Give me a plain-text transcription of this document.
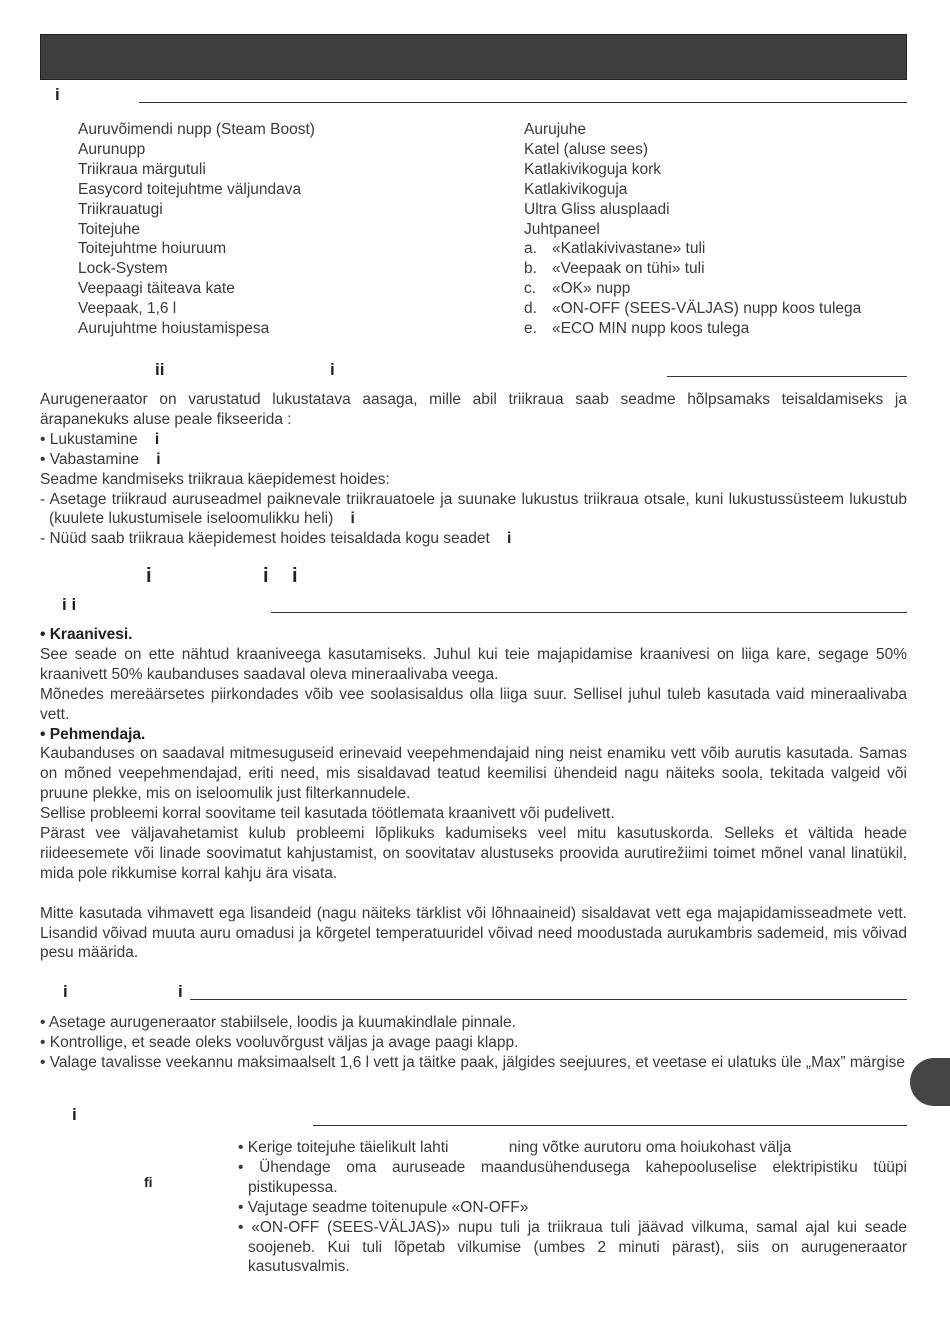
i
Auruvõimendi nupp (Steam Boost)
Aurunupp
Triikraua märgutuli
Easycord toitejuhtme väljundava
Triikrauatugi
Toitejuhe
Toitejuhtme hoiuruum
Lock-System
Veepaagi täiteava kate
Veepaak, 1,6 l
Aurujuhtme hoiustamispesa
Aurujuhe
Katel (aluse sees)
Katlakivikoguja kork
Katlakivikoguja
Ultra Gliss alusplaadi
Juhtpaneel
a. «Katlakivivastane» tuli
b. «Veepaak on tühi» tuli
c. «OK» nupp
d. «ON-OFF (SEES-VÄLJAS) nupp koos tulega
e. «ECO MIN nupp koos tulega
ii	i

Aurugeneraator on varustatud lukustatava aasaga, mille abil triikraua saab seadme hõlpsamaks teisaldamiseks ja ärapanekuks aluse peale fikseerida :

• Lukustamine i

• Vabastamine i

Seadme kandmiseks triikraua käepidemest hoides:

- Asetage triikraud auruseadmel paiknevale triikrauatoele ja suunake lukustus triikraua otsale, kuni lukustussüsteem lukustub (kuulete lukustumisele iseloomulikku heli) i

- Nüüd saab triikraua käepidemest hoides teisaldada kogu seadet i

i	i i
i i

• Kraanivesi.

See seade on ette nähtud kraaniveega kasutamiseks. Juhul kui teie majapidamise kraanivesi on liiga kare, segage 50% kraanivett 50% kaubanduses saadaval oleva mineraalivaba veega.

Mõnedes mereäärsetes piirkondades võib vee soolasisaldus olla liiga suur. Sellisel juhul tuleb kasutada vaid mineraalivaba vett.

• Pehmendaja.

Kaubanduses on saadaval mitmesuguseid erinevaid veepehmendajaid ning neist enamiku vett võib aurutis kasutada. Samas on mõned veepehmendajad, eriti need, mis sisaldavad teatud keemilisi ühendeid nagu näiteks soola, tekitada valgeid või pruune plekke, mis on iseloomulik just filterkannudele.

Sellise probleemi korral soovitame teil kasutada töötlemata kraanivett või pudelivett.

Pärast vee väljavahetamist kulub probleemi lõplikuks kadumiseks veel mitu kasutuskorda. Selleks et vältida heade riideesemete või linade soovimatut kahjustamist, on soovitatav alustuseks proovida aurutirežiimi toimet mõnel vanal linatükil, mida pole rikkumise korral kahju ära visata.

Mitte kasutada vihmavett ega lisandeid (nagu näiteks tärklist või lõhnaaineid) sisaldavat vett ega majapidamisseadmete vett. Lisandid võivad muuta auru omadusi ja kõrgetel temperatuuridel võivad need moodustada aurukambris sademeid, mis võivad pesu määrida.

i	i
• Asetage aurugeneraator stabiilsele, loodis ja kuumakindlale pinnale.
• Kontrollige, et seade oleks vooluvõrgust väljas ja avage paagi klapp.
• Valage tavalisse veekannu maksimaalselt 1,6 l vett ja täitke paak, jälgides seejuures, et veetase ei ulatuks üle „Max” märgise
i
fi
• Kerige toitejuhe täielikult lahti              ning võtke aurutoru oma hoiukohast välja
• Ühendage oma auruseade maandusühendusega kahepooluselise elektripistiku tüüpi pistikupessa.
• Vajutage seadme toitenupule «ON-OFF»
• «ON-OFF (SEES-VÄLJAS)» nupu tuli ja triikraua tuli jäävad vilkuma, samal ajal kui seade soojeneb. Kui tuli lõpetab vilkumise (umbes 2 minuti pärast), siis on aurugeneraator kasutusvalmis.
